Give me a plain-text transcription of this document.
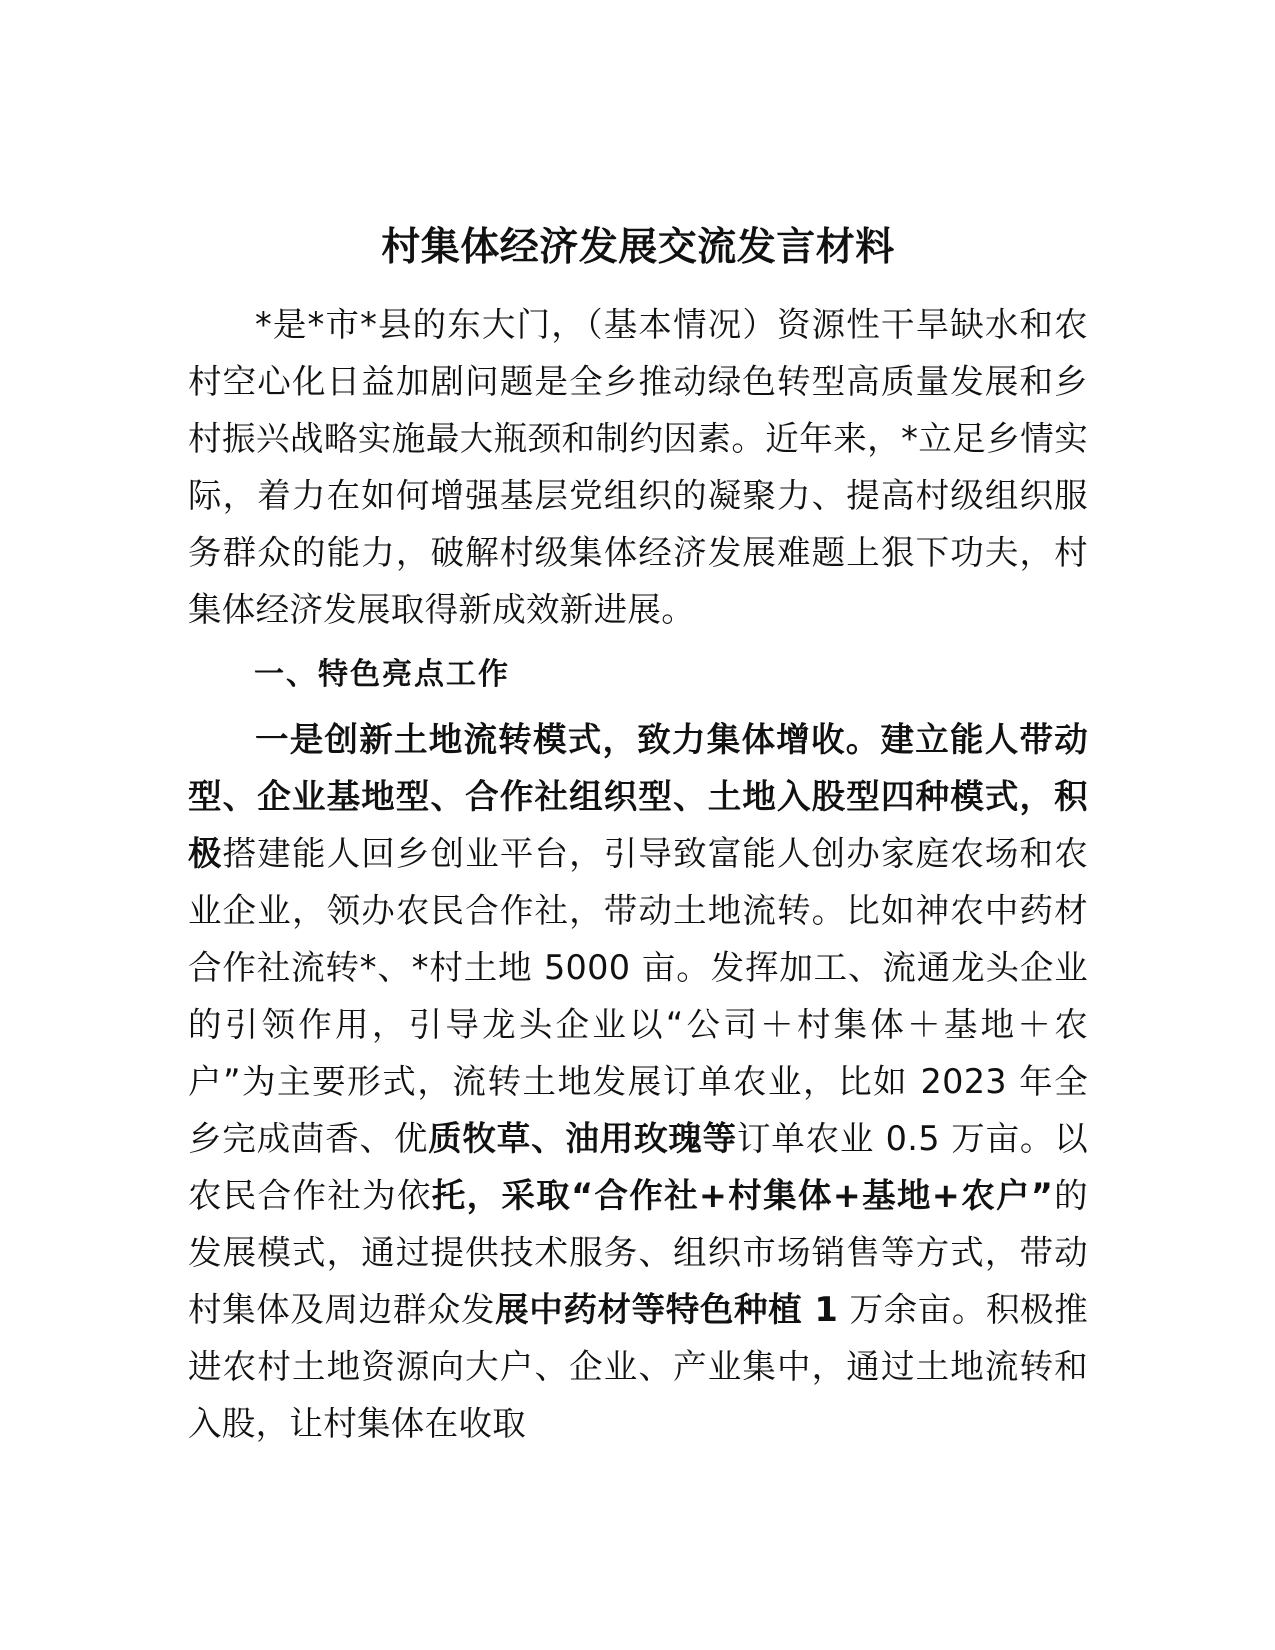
村集体经济发展交流发言材料

*是*市*县的东大门，（基本情况）资源性干旱缺水和农村空心化日益加剧问题是全乡推动绿色转型高质量发展和乡村振兴战略实施最大瓶颈和制约因素。近年来，*立足乡情实际，着力在如何增强基层党组织的凝聚力、提高村级组织服务群众的能力，破解村级集体经济发展难题上狠下功夫，村集体经济发展取得新成效新进展。

一、特色亮点工作

一是创新土地流转模式，致力集体增收。建立能人带动型、企业基地型、合作社组织型、土地入股型四种模式，积极搭建能人回乡创业平台，引导致富能人创办家庭农场和农业企业，领办农民合作社，带动土地流转。比如神农中药材合作社流转*、*村土地 5000 亩。发挥加工、流通龙头企业的引领作用，引导龙头企业以“公司＋村集体＋基地＋农户”为主要形式，流转土地发展订单农业，比如 2023 年全乡完成茴香、优质牧草、油用玫瑰等订单农业 0.5 万亩。以农民合作社为依托，采取“合作社+村集体+基地+农户”的发展模式，通过提供技术服务、组织市场销售等方式，带动村集体及周边群众发展中药材等特色种植 1 万余亩。积极推进农村土地资源向大户、企业、产业集中，通过土地流转和入股，让村集体在收取
